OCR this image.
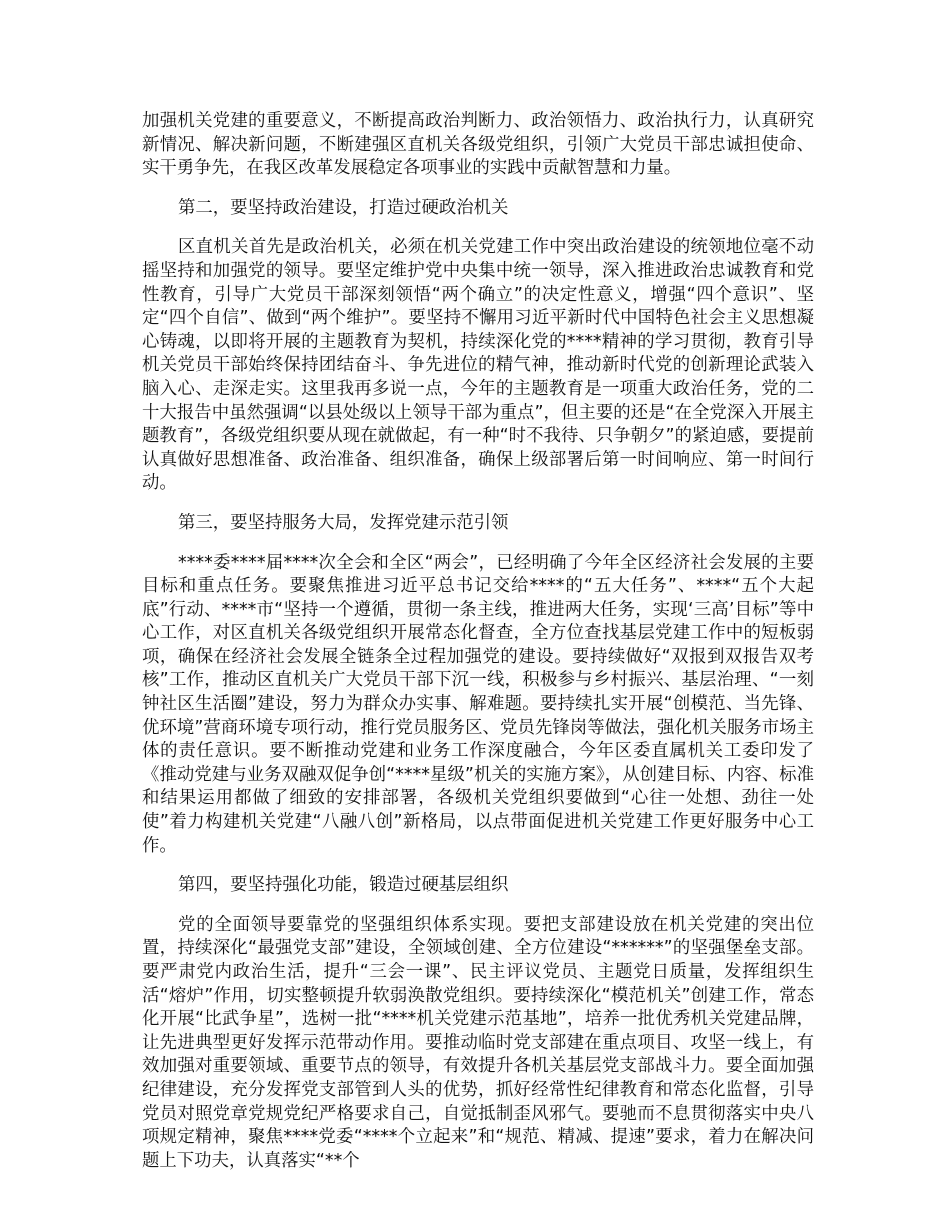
加强机关党建的重要意义，不断提高政治判断力、政治领悟力、政治执行力，认真研究新情况、解决新问题，不断建强区直机关各级党组织，引领广大党员干部忠诚担使命、实干勇争先，在我区改革发展稳定各项事业的实践中贡献智慧和力量。

第二，要坚持政治建设，打造过硬政治机关

区直机关首先是政治机关，必须在机关党建工作中突出政治建设的统领地位毫不动摇坚持和加强党的领导。要坚定维护党中央集中统一领导，深入推进政治忠诚教育和党性教育，引导广大党员干部深刻领悟“两个确立”的决定性意义，增强“四个意识”、坚定“四个自信”、做到“两个维护”。要坚持不懈用习近平新时代中国特色社会主义思想凝心铸魂，以即将开展的主题教育为契机，持续深化党的****精神的学习贯彻，教育引导机关党员干部始终保持团结奋斗、争先进位的精气神，推动新时代党的创新理论武装入脑入心、走深走实。这里我再多说一点，今年的主题教育是一项重大政治任务，党的二十大报告中虽然强调“以县处级以上领导干部为重点”，但主要的还是“在全党深入开展主题教育”，各级党组织要从现在就做起，有一种“时不我待、只争朝夕”的紧迫感，要提前认真做好思想准备、政治准备、组织准备，确保上级部署后第一时间响应、第一时间行动。

第三，要坚持服务大局，发挥党建示范引领

****委****届****次全会和全区“两会”，已经明确了今年全区经济社会发展的主要目标和重点任务。要聚焦推进习近平总书记交给****的“五大任务”、****“五个大起底”行动、****市“坚持一个遵循，贯彻一条主线，推进两大任务，实现‘三高’目标”等中心工作，对区直机关各级党组织开展常态化督查，全方位查找基层党建工作中的短板弱项，确保在经济社会发展全链条全过程加强党的建设。要持续做好“双报到双报告双考核”工作，推动区直机关广大党员干部下沉一线，积极参与乡村振兴、基层治理、“一刻钟社区生活圈”建设，努力为群众办实事、解难题。要持续扎实开展“创模范、当先锋、优环境”营商环境专项行动，推行党员服务区、党员先锋岗等做法，强化机关服务市场主体的责任意识。要不断推动党建和业务工作深度融合，今年区委直属机关工委印发了《推动党建与业务双融双促争创“****星级”机关的实施方案》，从创建目标、内容、标准和结果运用都做了细致的安排部署，各级机关党组织要做到“心往一处想、劲往一处使”着力构建机关党建“八融八创”新格局，以点带面促进机关党建工作更好服务中心工作。

第四，要坚持强化功能，锻造过硬基层组织

党的全面领导要靠党的坚强组织体系实现。要把支部建设放在机关党建的突出位置，持续深化“最强党支部”建设，全领域创建、全方位建设“******”的坚强堡垒支部。要严肃党内政治生活，提升“三会一课”、民主评议党员、主题党日质量，发挥组织生活“熔炉”作用，切实整顿提升软弱涣散党组织。要持续深化“模范机关”创建工作，常态化开展“比武争星”，选树一批“****机关党建示范基地”，培养一批优秀机关党建品牌，让先进典型更好发挥示范带动作用。要推动临时党支部建在重点项目、攻坚一线上，有效加强对重要领域、重要节点的领导，有效提升各机关基层党支部战斗力。要全面加强纪律建设，充分发挥党支部管到人头的优势，抓好经常性纪律教育和常态化监督，引导党员对照党章党规党纪严格要求自己，自觉抵制歪风邪气。要驰而不息贯彻落实中央八项规定精神，聚焦****党委“****个立起来”和“规范、精减、提速”要求，着力在解决问题上下功夫，认真落实“**个
